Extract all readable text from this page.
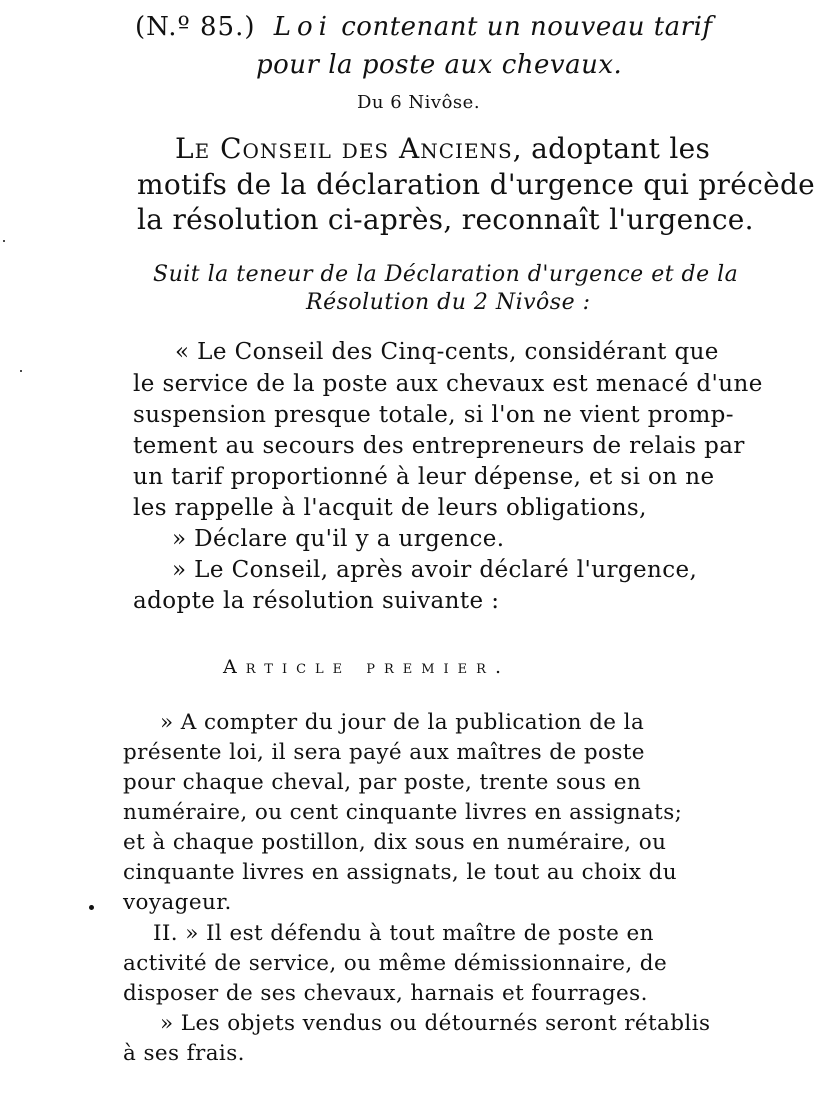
(N.º 85.) Loi contenant un nouveau tarif
pour la poste aux chevaux.
Du 6 Nivôse.
Le Conseil des Anciens, adoptant les
motifs de la déclaration d'urgence qui précède
la résolution ci-après, reconnaît l'urgence.
Suit la teneur de la Déclaration d'urgence et de la
Résolution du 2 Nivôse :
« Le Conseil des Cinq-cents, considérant que
le service de la poste aux chevaux est menacé d'une
suspension presque totale, si l'on ne vient promp-
tement au secours des entrepreneurs de relais par
un tarif proportionné à leur dépense, et si on ne
les rappelle à l'acquit de leurs obligations,
» Déclare qu'il y a urgence.
» Le Conseil, après avoir déclaré l'urgence,
adopte la résolution suivante :
Article premier.
» A compter du jour de la publication de la
présente loi, il sera payé aux maîtres de poste
pour chaque cheval, par poste, trente sous en
numéraire, ou cent cinquante livres en assignats;
et à chaque postillon, dix sous en numéraire, ou
cinquante livres en assignats, le tout au choix du
voyageur.
II. » Il est défendu à tout maître de poste en
activité de service, ou même démissionnaire, de
disposer de ses chevaux, harnais et fourrages.
» Les objets vendus ou détournés seront rétablis
à ses frais.
